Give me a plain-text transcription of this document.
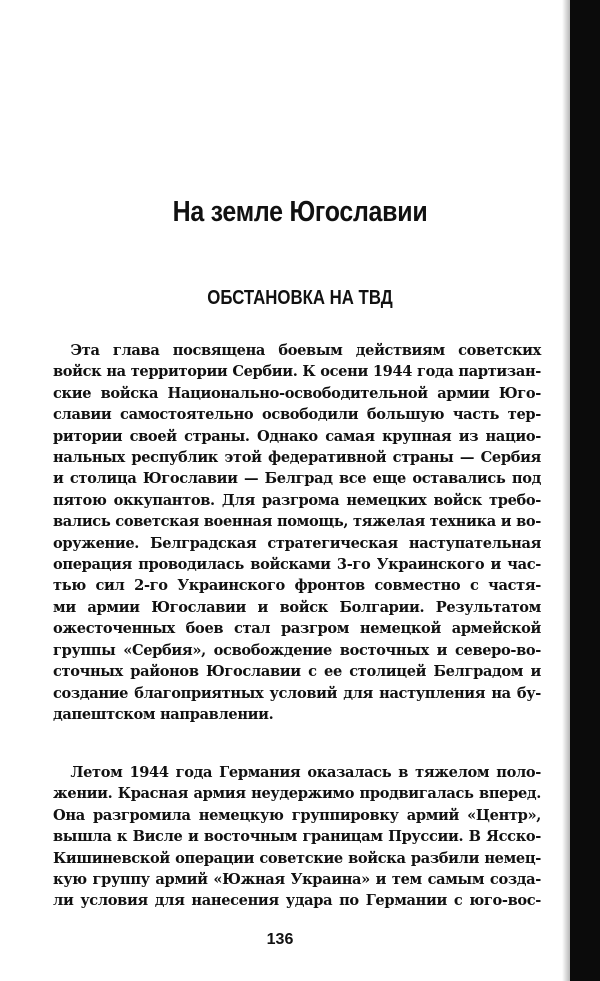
На земле Югославии
ОБСТАНОВКА НА ТВД
Эта глава посвящена боевым действиям советских
войск на территории Сербии. К осени 1944 года партизан-
ские войска Национально-освободительной армии Юго-
славии самостоятельно освободили большую часть тер-
ритории своей страны. Однако самая крупная из нацио-
нальных республик этой федеративной страны — Сербия
и столица Югославии — Белград все еще оставались под
пятою оккупантов. Для разгрома немецких войск требо-
вались советская военная помощь, тяжелая техника и во-
оружение. Белградская стратегическая наступательная
операция проводилась войсками 3-го Украинского и час-
тью сил 2-го Украинского фронтов совместно с частя-
ми армии Югославии и войск Болгарии. Результатом
ожесточенных боев стал разгром немецкой армейской
группы «Сербия», освобождение восточных и северо-во-
сточных районов Югославии с ее столицей Белградом и
создание благоприятных условий для наступления на бу-
дапештском направлении.
Летом 1944 года Германия оказалась в тяжелом поло-
жении. Красная армия неудержимо продвигалась вперед.
Она разгромила немецкую группировку армий «Центр»,
вышла к Висле и восточным границам Пруссии. В Ясско-
Кишиневской операции советские войска разбили немец-
кую группу армий «Южная Украина» и тем самым созда-
ли условия для нанесения удара по Германии с юго-вос-
136
